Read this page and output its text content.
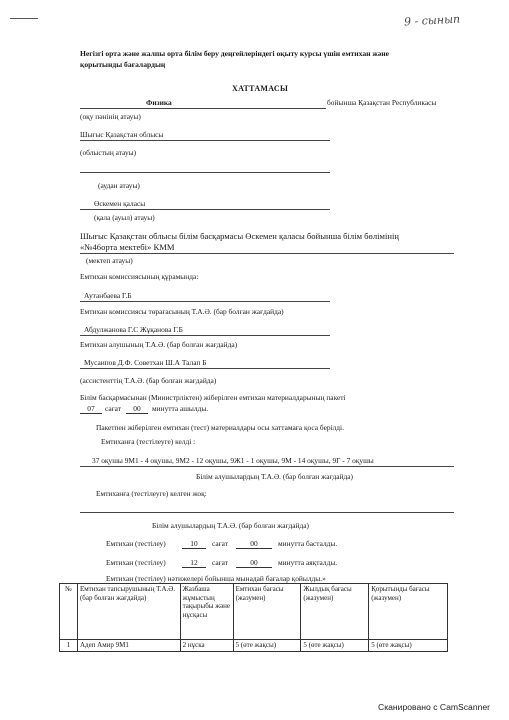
9 - сынып
Негізгі орта және жалпы орта білім беру деңгейлеріндегі оқыту курсы үшін емтихан және
қорытынды бағалардың
ХАТТАМАСЫ
Физика	бойынша Қазақстан Республикасы
(оқу пәнінің атауы)
Шығыс Қазақстан облысы
(облыстың атауы)
(аудан атауы)
Өскемен қаласы
(қала (ауыл) атауы)
Шығыс Қазақстан облысы білім басқармасы Өскемен қаласы бойынша білім бөлімінің
«№46орта мектебі» КММ
(мектеп атауы)
Емтихан комиссиясының құрамында:
Аутанбаева Г.Б
Емтихан комиссиясы төрағасының Т.А.Ә. (бар болған жағдайда)
Абдулжанова Г.С Жұқанова Г.Б
Емтихан алушының Т.А.Ә. (бар болған жағдайда)
Мусаипов Д.Ф. Советхан Ш.А Талап Б
(ассистенттің Т.А.Ә. (бар болған жағдайда)
Білім басқармасынан (Министрліктен) жіберілген емтихан материалдарының пакеті
07	сағат	00	минутта ашылды.
Пакетпен жіберілген емтихан (тест) материалдары осы хаттамаға қоса берілді.
Емтиханға (тестілеуге) келді :
37 оқушы 9М1 - 4 оқушы, 9М2 - 12 оқушы, 9Ж1 - 1 оқушы, 9М - 14 оқушы, 9Г - 7 оқушы
Білім алушылардың Т.А.Ә. (бар болған жағдайда)
Емтиханға (тестілеуге) келген жоқ:
Білім алушылардың Т.А.Ә. (бар болған жағдайда)
Емтихан (тестілеу)	10	сағат	00	минутта басталды.
Емтихан (тестілеу)	12	сағат	00	минутта аяқталды.
Емтихан (тестілеу) нәтижелері бойынша мынадай бағалар қойылды.»
№	Емтихан тапсырушының Т.А.Ә. (бар болған жағдайда)	Жазбаша жұмыстың тақырыбы және нұсқасы	Емтихан бағасы (жазумен)	Жылдық бағасы (жазумен)	Қорытынды бағасы (жазумен)
1	Адеп Амир 9М1	2 нұска	5 (өте жақсы)	5 (өте жақсы)	5 (өте жақсы)
Сканировано с CamScanner
